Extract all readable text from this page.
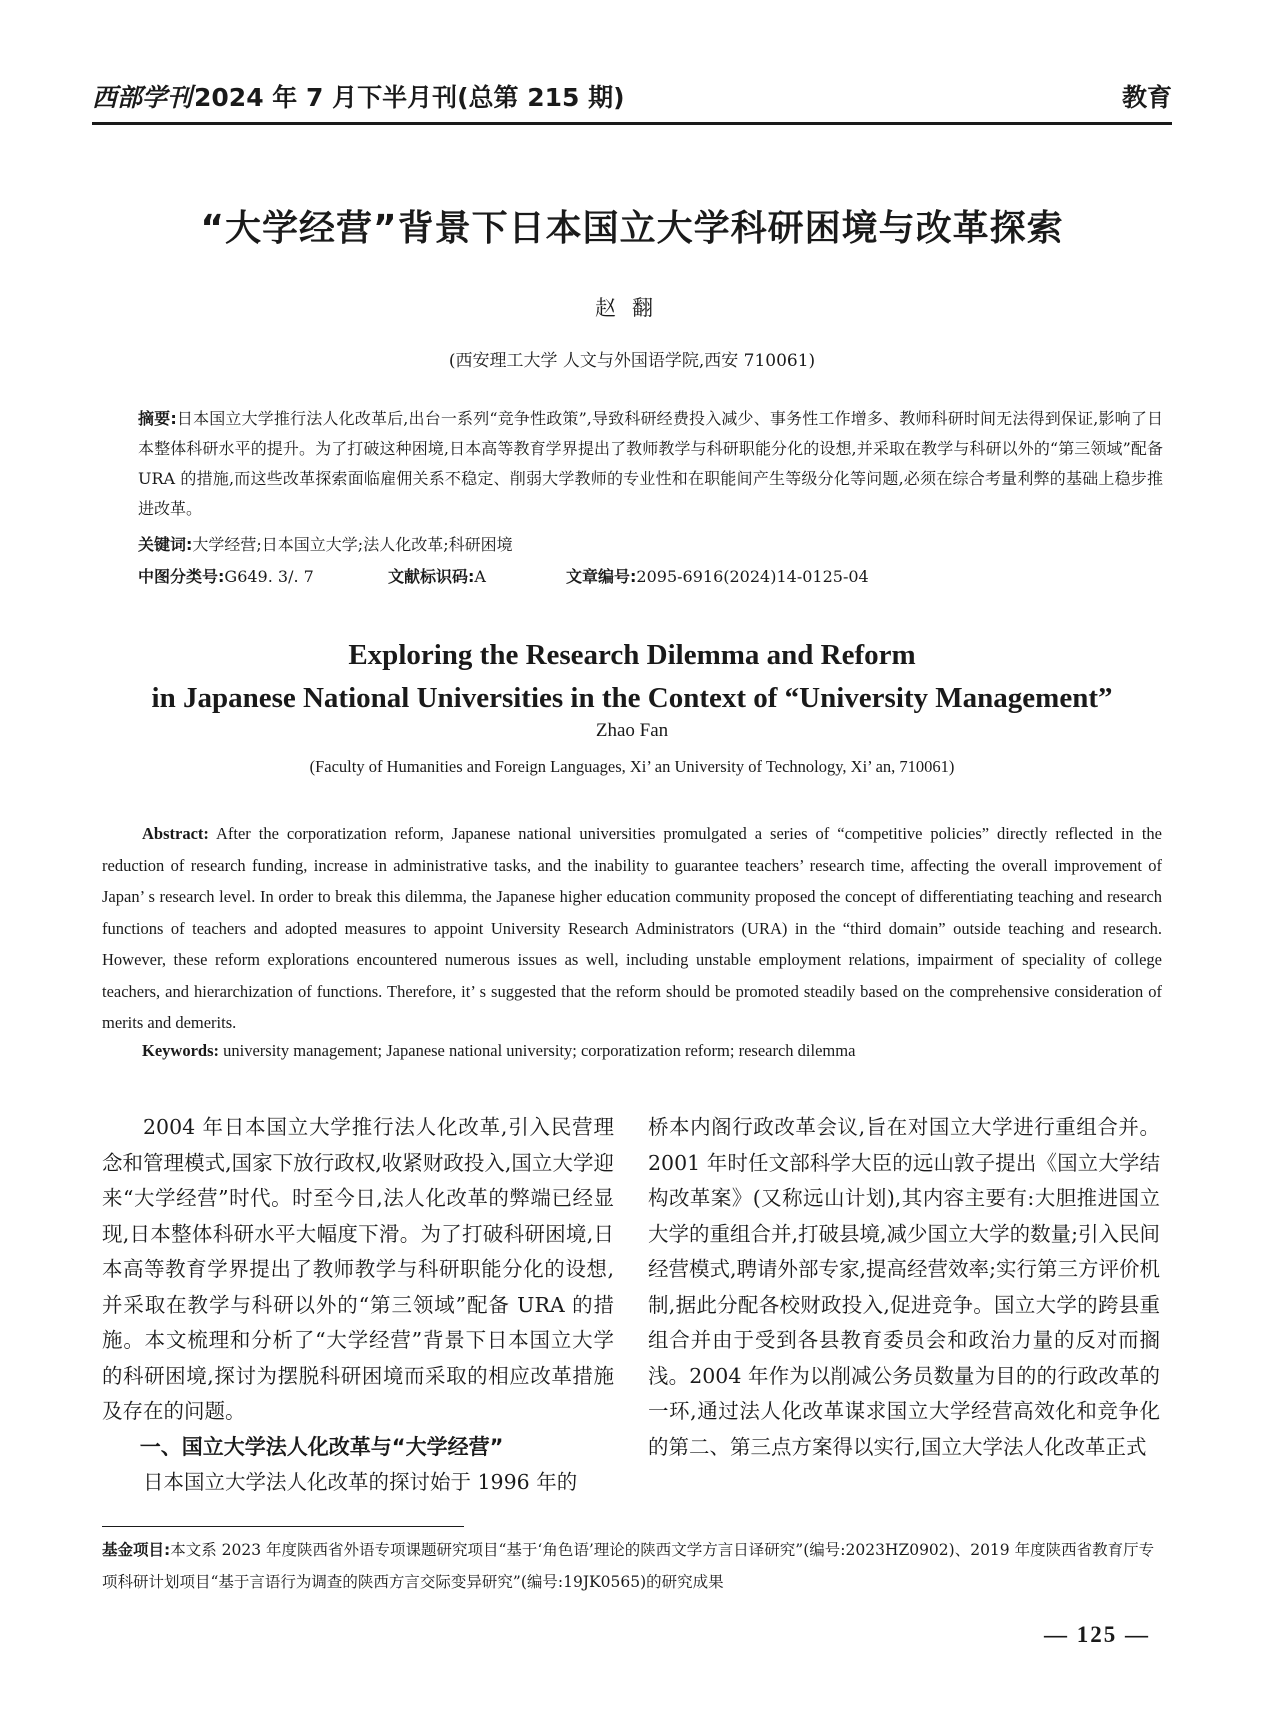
西部学刊2024 年 7 月下半月刊(总第 215 期)	教育
“大学经营”背景下日本国立大学科研困境与改革探索
赵翻
(西安理工大学 人文与外国语学院,西安 710061)
摘要:日本国立大学推行法人化改革后,出台一系列“竞争性政策”,导致科研经费投入减少、事务性工作增多、教师科研时间无法得到保证,影响了日本整体科研水平的提升。为了打破这种困境,日本高等教育学界提出了教师教学与科研职能分化的设想,并采取在教学与科研以外的“第三领域”配备 URA 的措施,而这些改革探索面临雇佣关系不稳定、削弱大学教师的专业性和在职能间产生等级分化等问题,必须在综合考量利弊的基础上稳步推进改革。
关键词:大学经营;日本国立大学;法人化改革;科研困境
中图分类号:G649. 3/. 7	文献标识码:A	文章编号:2095-6916(2024)14-0125-04
Exploring the Research Dilemma and Reform
in Japanese National Universities in the Context of “University Management”
Zhao Fan
(Faculty of Humanities and Foreign Languages, Xi’ an University of Technology, Xi’ an, 710061)
Abstract: After the corporatization reform, Japanese national universities promulgated a series of “competitive policies” directly reflected in the reduction of research funding, increase in administrative tasks, and the inability to guarantee teachers’ research time, affecting the overall improvement of Japan’ s research level. In order to break this dilemma, the Japanese higher education community proposed the concept of differentiating teaching and research functions of teachers and adopted measures to appoint University Research Administrators (URA) in the “third domain” outside teaching and research. However, these reform explorations encountered numerous issues as well, including unstable employment relations, impairment of speciality of college teachers, and hierarchization of functions. Therefore, it’ s suggested that the reform should be promoted steadily based on the comprehensive consideration of merits and demerits.
Keywords: university management; Japanese national university; corporatization reform; research dilemma

2004 年日本国立大学推行法人化改革,引入民营理念和管理模式,国家下放行政权,收紧财政投入,国立大学迎来“大学经营”时代。时至今日,法人化改革的弊端已经显现,日本整体科研水平大幅度下滑。为了打破科研困境,日本高等教育学界提出了教师教学与科研职能分化的设想,并采取在教学与科研以外的“第三领域”配备 URA 的措施。本文梳理和分析了“大学经营”背景下日本国立大学的科研困境,探讨为摆脱科研困境而采取的相应改革措施及存在的问题。

一、国立大学法人化改革与“大学经营”

日本国立大学法人化改革的探讨始于 1996 年的

桥本内阁行政改革会议,旨在对国立大学进行重组合并。2001 年时任文部科学大臣的远山敦子提出《国立大学结构改革案》(又称远山计划),其内容主要有:大胆推进国立大学的重组合并,打破县境,减少国立大学的数量;引入民间经营模式,聘请外部专家,提高经营效率;实行第三方评价机制,据此分配各校财政投入,促进竞争。国立大学的跨县重组合并由于受到各县教育委员会和政治力量的反对而搁浅。2004 年作为以削减公务员数量为目的的行政改革的一环,通过法人化改革谋求国立大学经营高效化和竞争化的第二、第三点方案得以实行,国立大学法人化改革正式

基金项目:本文系 2023 年度陕西省外语专项课题研究项目“基于‘角色语’理论的陕西文学方言日译研究”(编号:2023HZ0902)、2019 年度陕西省教育厅专项科研计划项目“基于言语行为调查的陕西方言交际变异研究”(编号:19JK0565)的研究成果
— 125 —
